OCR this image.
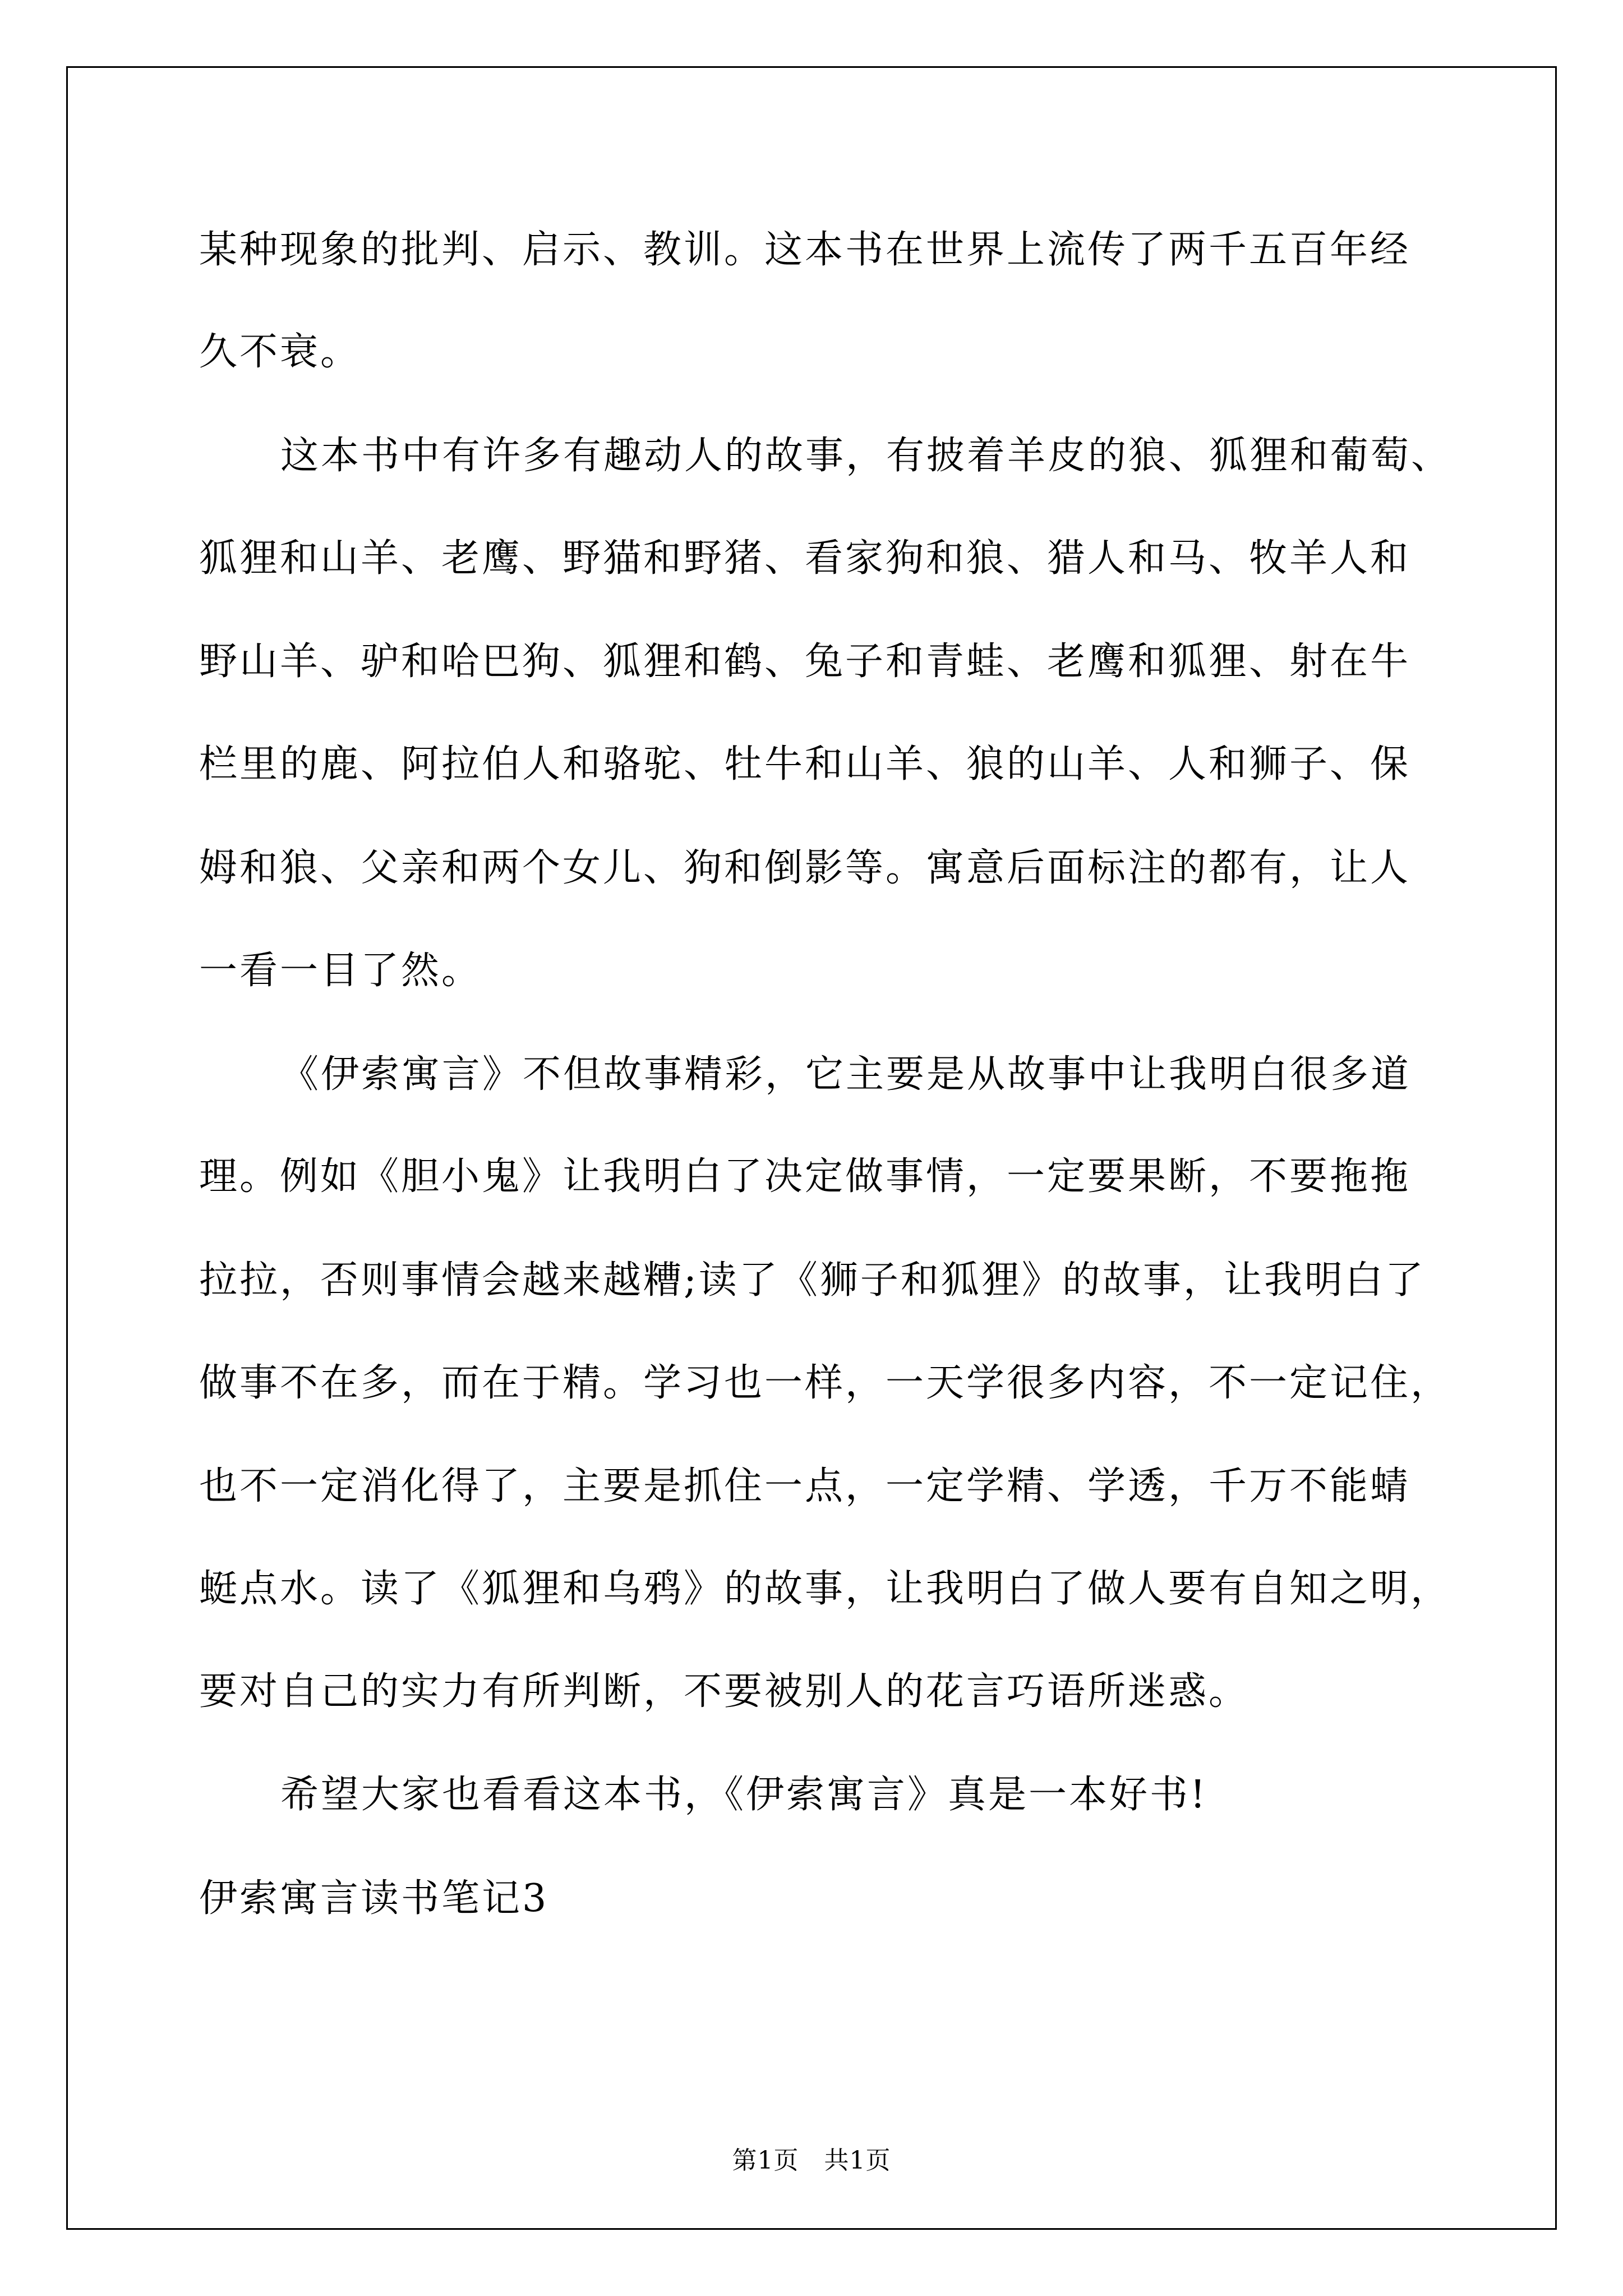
某种现象的批判、启示、教训。这本书在世界上流传了两千五百年经
久不衰。
这本书中有许多有趣动人的故事，有披着羊皮的狼、狐狸和葡萄、
狐狸和山羊、老鹰、野猫和野猪、看家狗和狼、猎人和马、牧羊人和
野山羊、驴和哈巴狗、狐狸和鹤、兔子和青蛙、老鹰和狐狸、射在牛
栏里的鹿、阿拉伯人和骆驼、牡牛和山羊、狼的山羊、人和狮子、保
姆和狼、父亲和两个女儿、狗和倒影等。寓意后面标注的都有，让人
一看一目了然。
《伊索寓言》不但故事精彩，它主要是从故事中让我明白很多道
理。例如《胆小鬼》让我明白了决定做事情，一定要果断，不要拖拖
拉拉，否则事情会越来越糟;读了《狮子和狐狸》的故事，让我明白了
做事不在多，而在于精。学习也一样，一天学很多内容，不一定记住，
也不一定消化得了，主要是抓住一点，一定学精、学透，千万不能蜻
蜓点水。读了《狐狸和乌鸦》的故事，让我明白了做人要有自知之明，
要对自己的实力有所判断，不要被别人的花言巧语所迷惑。
希望大家也看看这本书，《伊索寓言》真是一本好书!
伊索寓言读书笔记3
第1页　共1页
